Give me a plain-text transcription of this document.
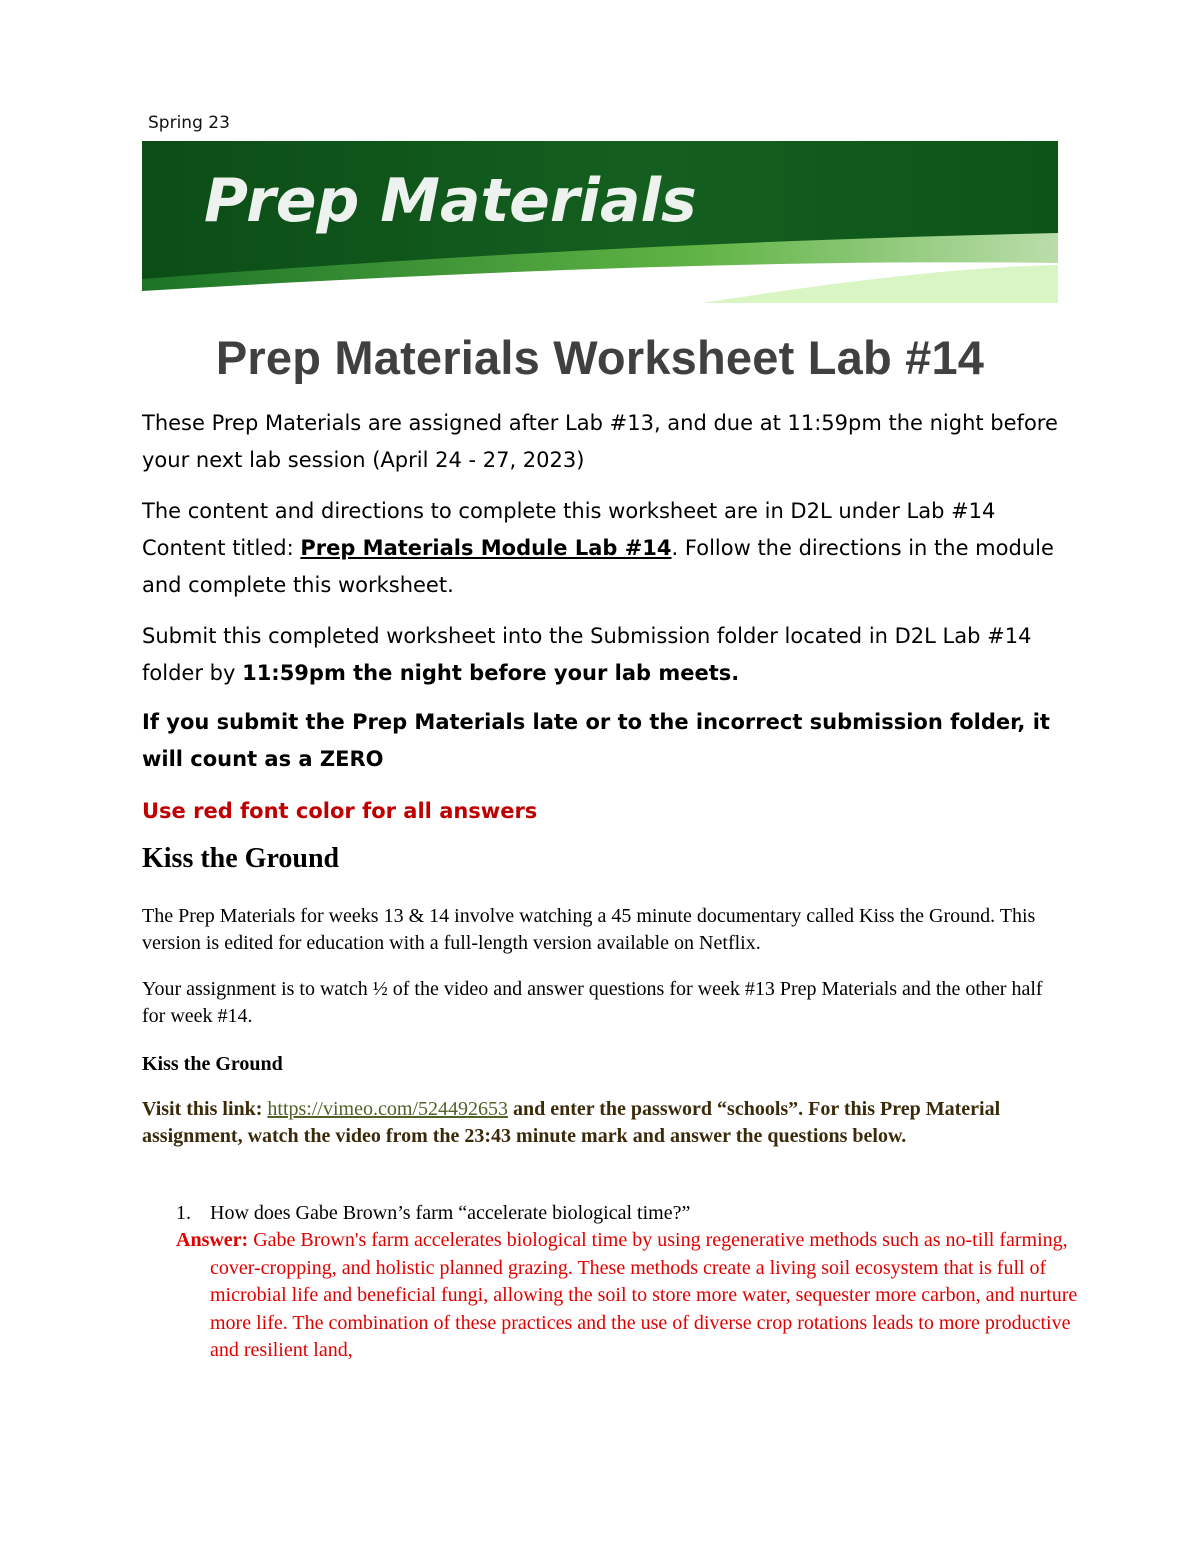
Spring 23
Prep Materials
Prep Materials Worksheet Lab #14
These Prep Materials are assigned after Lab #13, and due at 11:59pm the night before your next lab session (April 24 - 27, 2023)
The content and directions to complete this worksheet are in D2L under Lab #14 Content titled: Prep Materials Module Lab #14. Follow the directions in the module and complete this worksheet.
Submit this completed worksheet into the Submission folder located in D2L Lab #14 folder by 11:59pm the night before your lab meets.
If you submit the Prep Materials late or to the incorrect submission folder, it will count as a ZERO
Use red font color for all answers
Kiss the Ground
The Prep Materials for weeks 13 & 14 involve watching a 45 minute documentary called Kiss the Ground. This version is edited for education with a full-length version available on Netflix.
Your assignment is to watch ½ of the video and answer questions for week #13 Prep Materials and the other half for week #14.
Kiss the Ground
Visit this link: https://vimeo.com/524492653 and enter the password “schools”. For this Prep Material assignment, watch the video from the 23:43 minute mark and answer the questions below.
1. How does Gabe Brown’s farm “accelerate biological time?”
Answer: Gabe Brown's farm accelerates biological time by using regenerative methods such as no-till farming, cover-cropping, and holistic planned grazing. These methods create a living soil ecosystem that is full of microbial life and beneficial fungi, allowing the soil to store more water, sequester more carbon, and nurture more life. The combination of these practices and the use of diverse crop rotations leads to more productive and resilient land,
